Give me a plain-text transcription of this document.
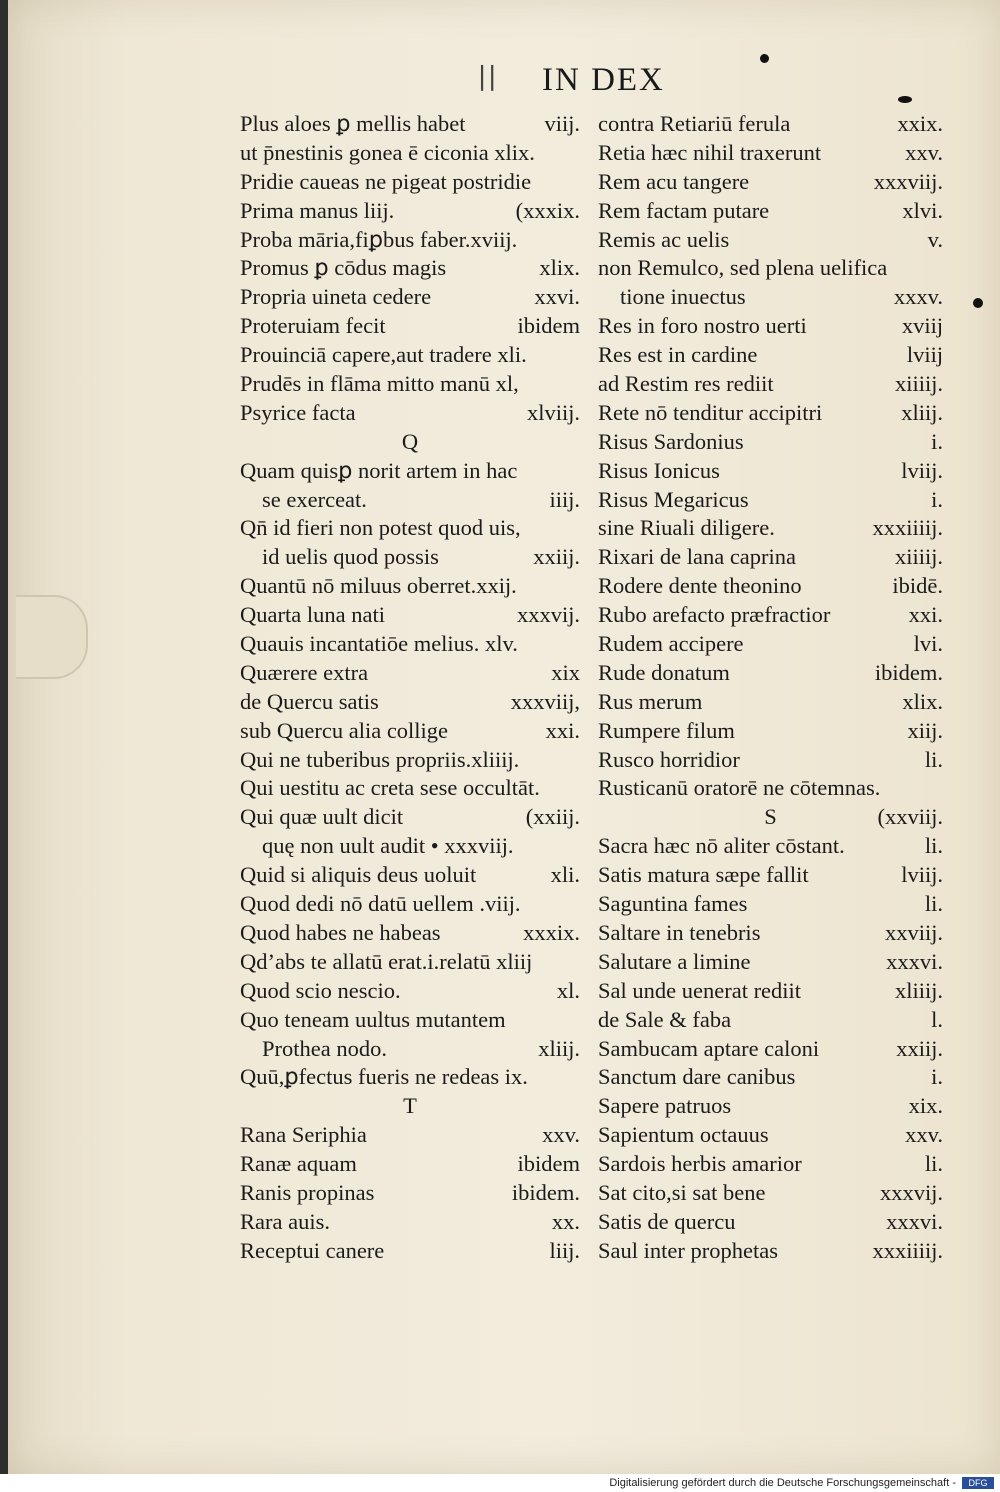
∣∣ IN DEX
Plus aloes ꝑ mellis habet	viĳ.
ut p̄nestinis gonea ē ciconia xlix.
Pridie caueas ne pigeat postridie
Prima manus liĳ.	(xxxix.
Proba māria,fiꝑbus faber.xviĳ.
Promus ꝑ cōdus magis	xlix.
Propria uineta cedere	xxvi.
Proteruiam fecit	ibidem
Prouinciā capere,aut tradere xli.
Prudēs in flāma mitto manū xl,
Psyrice facta	xlviĳ.
Q
Quam quisꝑ norit artem in hac
se exerceat.	iiĳ.
Qn̄ id fieri non potest quod uis,
id uelis quod possis	xxiĳ.
Quantū nō miluus oberret.xxĳ.
Quarta luna nati	xxxvĳ.
Quauis incantatiōe melius. xlv.
Quærere extra	xix
de Quercu satis	xxxviĳ,
sub Quercu alia collige	xxi.
Qui ne tuberibus propriis.xliiĳ.
Qui uestitu ac creta sese occultāt.
Qui quæ uult dicit	(xxiĳ.
quę non uult audit • xxxviĳ.
Quid si aliquis deus uoluit	xli.
Quod dedi nō datū uellem .viĳ.
Quod habes ne habeas	xxxix.
Qd’abs te allatū erat.i.relatū xliĳ
Quod scio nescio.	xl.
Quo teneam uultus mutantem
Prothea nodo.	xliĳ.
Quū,ꝑfectus fueris ne redeas ix.
T
Rana Seriphia	xxv.
Ranæ aquam	ibidem
Ranis propinas	ibidem.
Rara auis.	xx.
Receptui canere	liĳ.
contra Retiariū ferula	xxix.
Retia hæc nihil traxerunt	xxv.
Rem acu tangere	xxxviĳ.
Rem factam putare	xlvi.
Remis ac uelis	v.
non Remulco, sed plena uelifica
tione inuectus	xxxv.
Res in foro nostro uerti	xviĳ
Res est in cardine	lviĳ
ad Restim res rediit	xiiiĳ.
Rete nō tenditur accipitri	xliĳ.
Risus Sardonius	i.
Risus Ionicus	lviĳ.
Risus Megaricus	i.
sine Riuali diligere.	xxxiiiĳ.
Rixari de lana caprina	xiiiĳ.
Rodere dente theonino	ibidē.
Rubo arefacto præfractior	xxi.
Rudem accipere	lvi.
Rude donatum	ibidem.
Rus merum	xlix.
Rumpere filum	xiĳ.
Rusco horridior	li.
Rusticanū oratorē ne cōtemnas.
S	(xxviĳ.
Sacra hæc nō aliter cōstant.	li.
Satis matura sæpe fallit	lviĳ.
Saguntina fames	li.
Saltare in tenebris	xxviĳ.
Salutare a limine	xxxvi.
Sal unde uenerat rediit	xliiĳ.
de Sale & faba	l.
Sambucam aptare caloni	xxiĳ.
Sanctum dare canibus	i.
Sapere patruos	xix.
Sapientum octauus	xxv.
Sardois herbis amarior	li.
Sat cito,si sat bene	xxxvĳ.
Satis de quercu	xxxvi.
Saul inter prophetas	xxxiiiĳ.
Digitalisierung gefördert durch die Deutsche Forschungsgemeinschaft -	DFG
